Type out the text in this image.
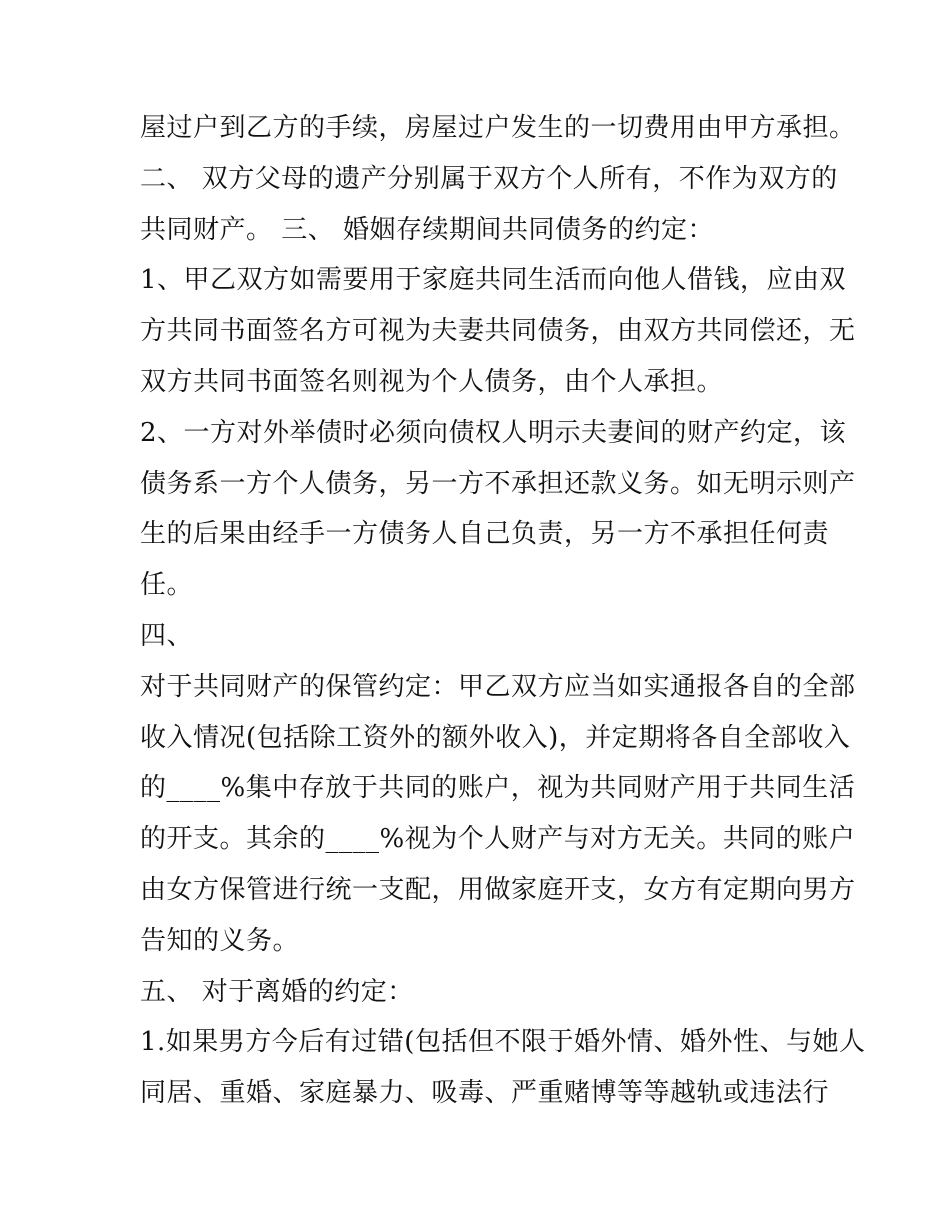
屋过户到乙方的手续，房屋过户发生的一切费用由甲方承担。
二、 双方父母的遗产分别属于双方个人所有，不作为双方的
共同财产。 三、 婚姻存续期间共同债务的约定：
1、甲乙双方如需要用于家庭共同生活而向他人借钱，应由双
方共同书面签名方可视为夫妻共同债务，由双方共同偿还，无
双方共同书面签名则视为个人债务，由个人承担。
2、一方对外举债时必须向债权人明示夫妻间的财产约定，该
债务系一方个人债务，另一方不承担还款义务。如无明示则产
生的后果由经手一方债务人自己负责，另一方不承担任何责
任。
四、
对于共同财产的保管约定：甲乙双方应当如实通报各自的全部
收入情况(包括除工资外的额外收入)，并定期将各自全部收入
的____%集中存放于共同的账户，视为共同财产用于共同生活
的开支。其余的____%视为个人财产与对方无关。共同的账户
由女方保管进行统一支配，用做家庭开支，女方有定期向男方
告知的义务。
五、 对于离婚的约定：
1.如果男方今后有过错(包括但不限于婚外情、婚外性、与她人
同居、重婚、家庭暴力、吸毒、严重赌博等等越轨或违法行
